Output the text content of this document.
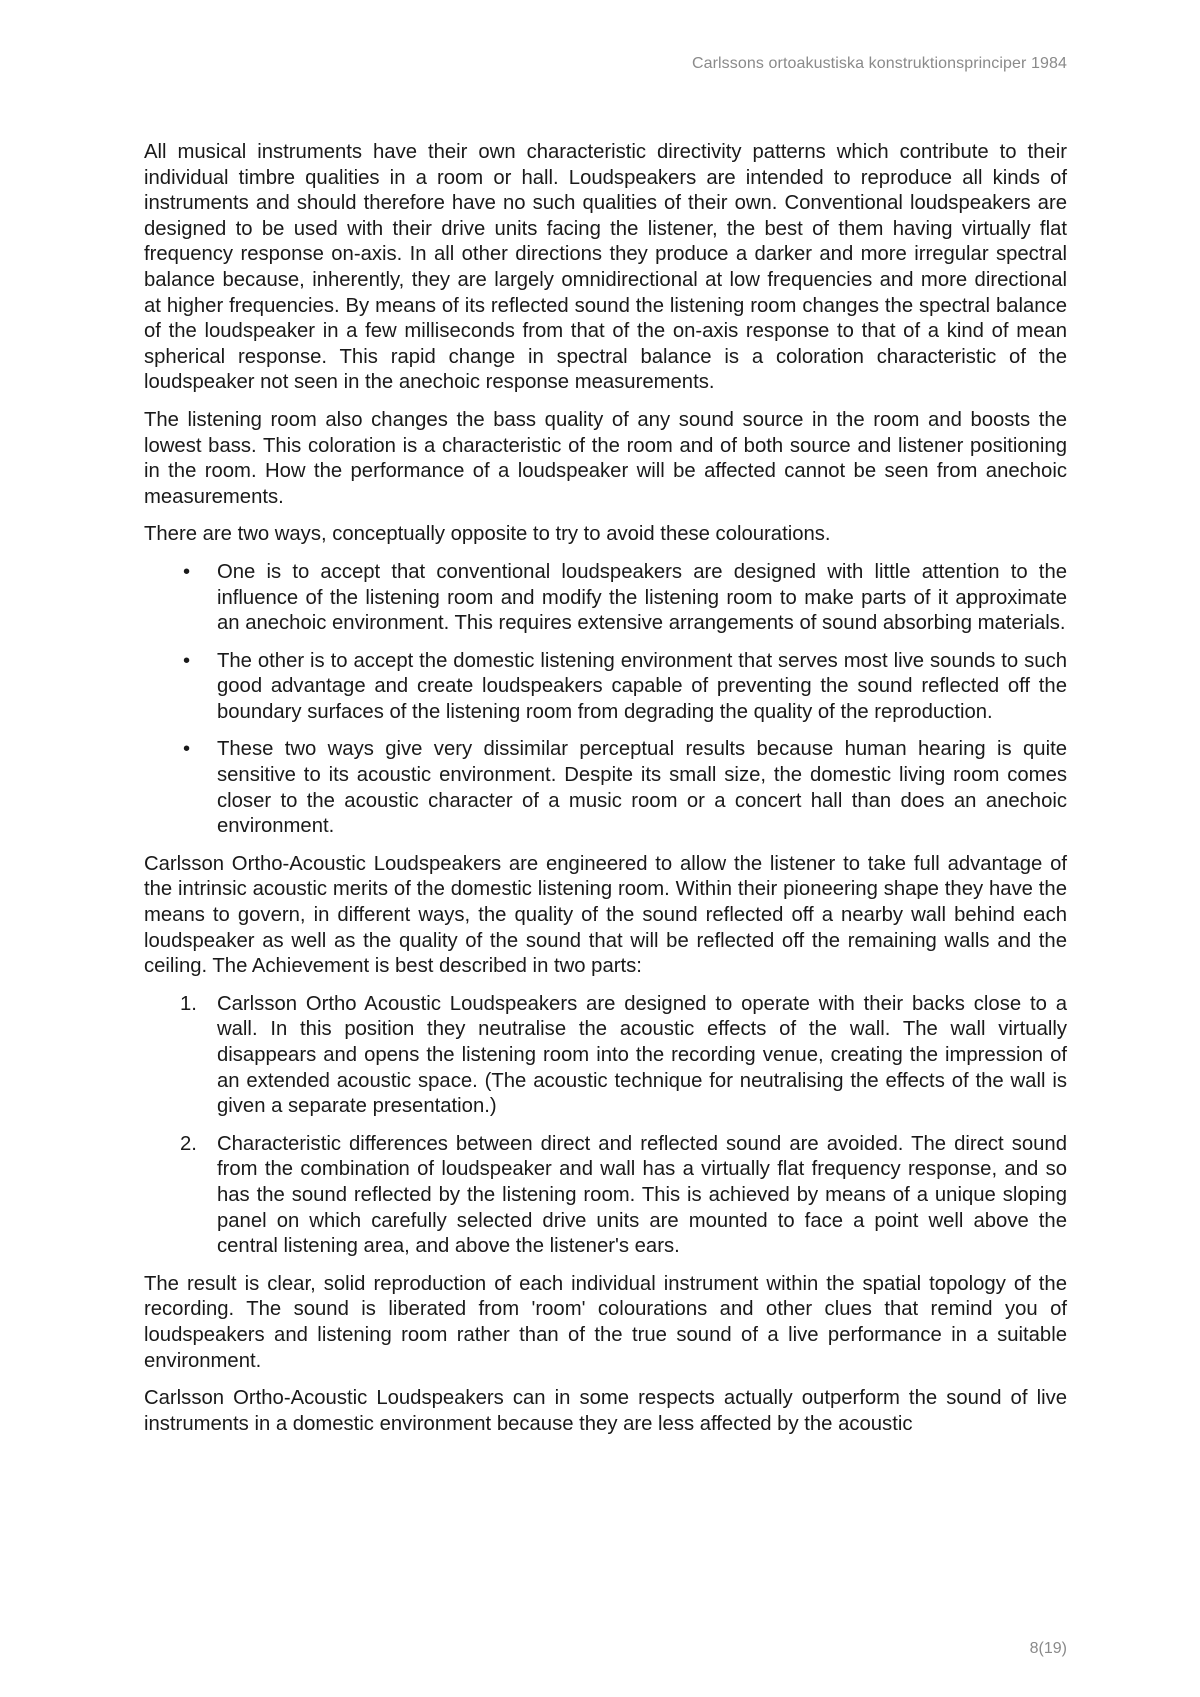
Carlssons ortoakustiska konstruktionsprinciper 1984

All musical instruments have their own characteristic directivity patterns which contribute to their individual timbre qualities in a room or hall. Loudspeakers are intended to reproduce all kinds of instruments and should therefore have no such qualities of their own. Conventional loudspeakers are designed to be used with their drive units facing the listener, the best of them having virtually flat frequency response on-axis. In all other directions they produce a darker and more irregular spectral balance because, inherently, they are largely omnidirectional at low frequencies and more directional at higher frequencies. By means of its reflected sound the listening room changes the spectral balance of the loudspeaker in a few milliseconds from that of the on-axis response to that of a kind of mean spherical response. This rapid change in spectral balance is a coloration characteristic of the loudspeaker not seen in the anechoic response measurements.

The listening room also changes the bass quality of any sound source in the room and boosts the lowest bass. This coloration is a characteristic of the room and of both source and listener positioning in the room. How the performance of a loudspeaker will be affected cannot be seen from anechoic measurements.

There are two ways, conceptually opposite to try to avoid these colourations.

• One is to accept that conventional loudspeakers are designed with little attention to the influence of the listening room and modify the listening room to make parts of it approximate an anechoic environment. This requires extensive arrangements of sound absorbing materials.
• The other is to accept the domestic listening environment that serves most live sounds to such good advantage and create loudspeakers capable of preventing the sound reflected off the boundary surfaces of the listening room from degrading the quality of the reproduction.
• These two ways give very dissimilar perceptual results because human hearing is quite sensitive to its acoustic environment. Despite its small size, the domestic living room comes closer to the acoustic character of a music room or a concert hall than does an anechoic environment.

Carlsson Ortho-Acoustic Loudspeakers are engineered to allow the listener to take full advantage of the intrinsic acoustic merits of the domestic listening room. Within their pioneering shape they have the means to govern, in different ways, the quality of the sound reflected off a nearby wall behind each loudspeaker as well as the quality of the sound that will be reflected off the remaining walls and the ceiling. The Achievement is best described in two parts:

1. Carlsson Ortho Acoustic Loudspeakers are designed to operate with their backs close to a wall. In this position they neutralise the acoustic effects of the wall. The wall virtually disappears and opens the listening room into the recording venue, creating the impression of an extended acoustic space. (The acoustic technique for neutralising the effects of the wall is given a separate presentation.)
2. Characteristic differences between direct and reflected sound are avoided. The direct sound from the combination of loudspeaker and wall has a virtually flat frequency response, and so has the sound reflected by the listening room. This is achieved by means of a unique sloping panel on which carefully selected drive units are mounted to face a point well above the central listening area, and above the listener's ears.

The result is clear, solid reproduction of each individual instrument within the spatial topology of the recording. The sound is liberated from 'room' colourations and other clues that remind you of loudspeakers and listening room rather than of the true sound of a live performance in a suitable environment.

Carlsson Ortho-Acoustic Loudspeakers can in some respects actually outperform the sound of live instruments in a domestic environment because they are less affected by the acoustic

8(19)
